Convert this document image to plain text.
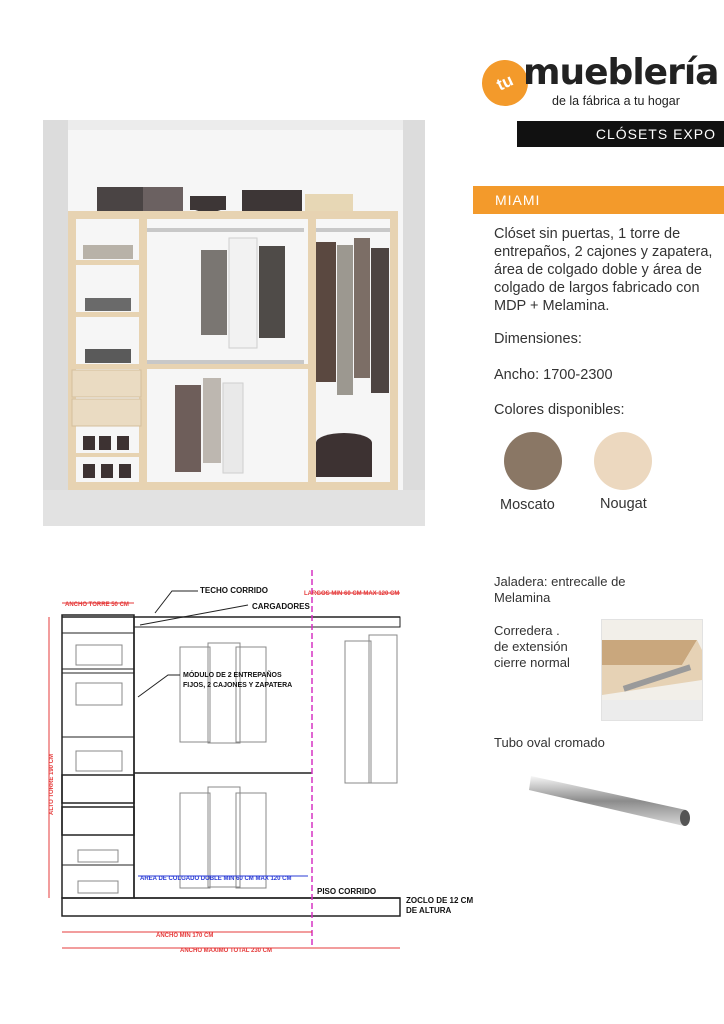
tu mueblería
de la fábrica a tu hogar
CLÓSETS EXPO
MIAMI
Clóset sin puertas, 1 torre de entrepaños, 2 cajones y zapatera, área de colgado doble y área de colgado de largos fabricado con MDP + Melamina.
Dimensiones:
Ancho: 1700-2300
Colores disponibles:
Moscato	Nougat
Jaladera: entrecalle de Melamina
Corredera .
de extensión
cierre normal
Tubo oval cromado
TECHO CORRIDO
CARGADORES
ANCHO TORRE 50 CM
LARGOS MIN 60 CM MAX 120 CM
MÓDULO DE 2 ENTREPAÑOS
FIJOS, 2 CAJONES Y ZAPATERA
ALTO TORRE 190 CM
AREA DE COLGADO DOBLE MIN 60 CM MAX 120 CM
PISO CORRIDO
ZOCLO DE 12 CM
DE ALTURA
ANCHO MIN 170 CM
ANCHO MAXIMO TOTAL 230 CM
